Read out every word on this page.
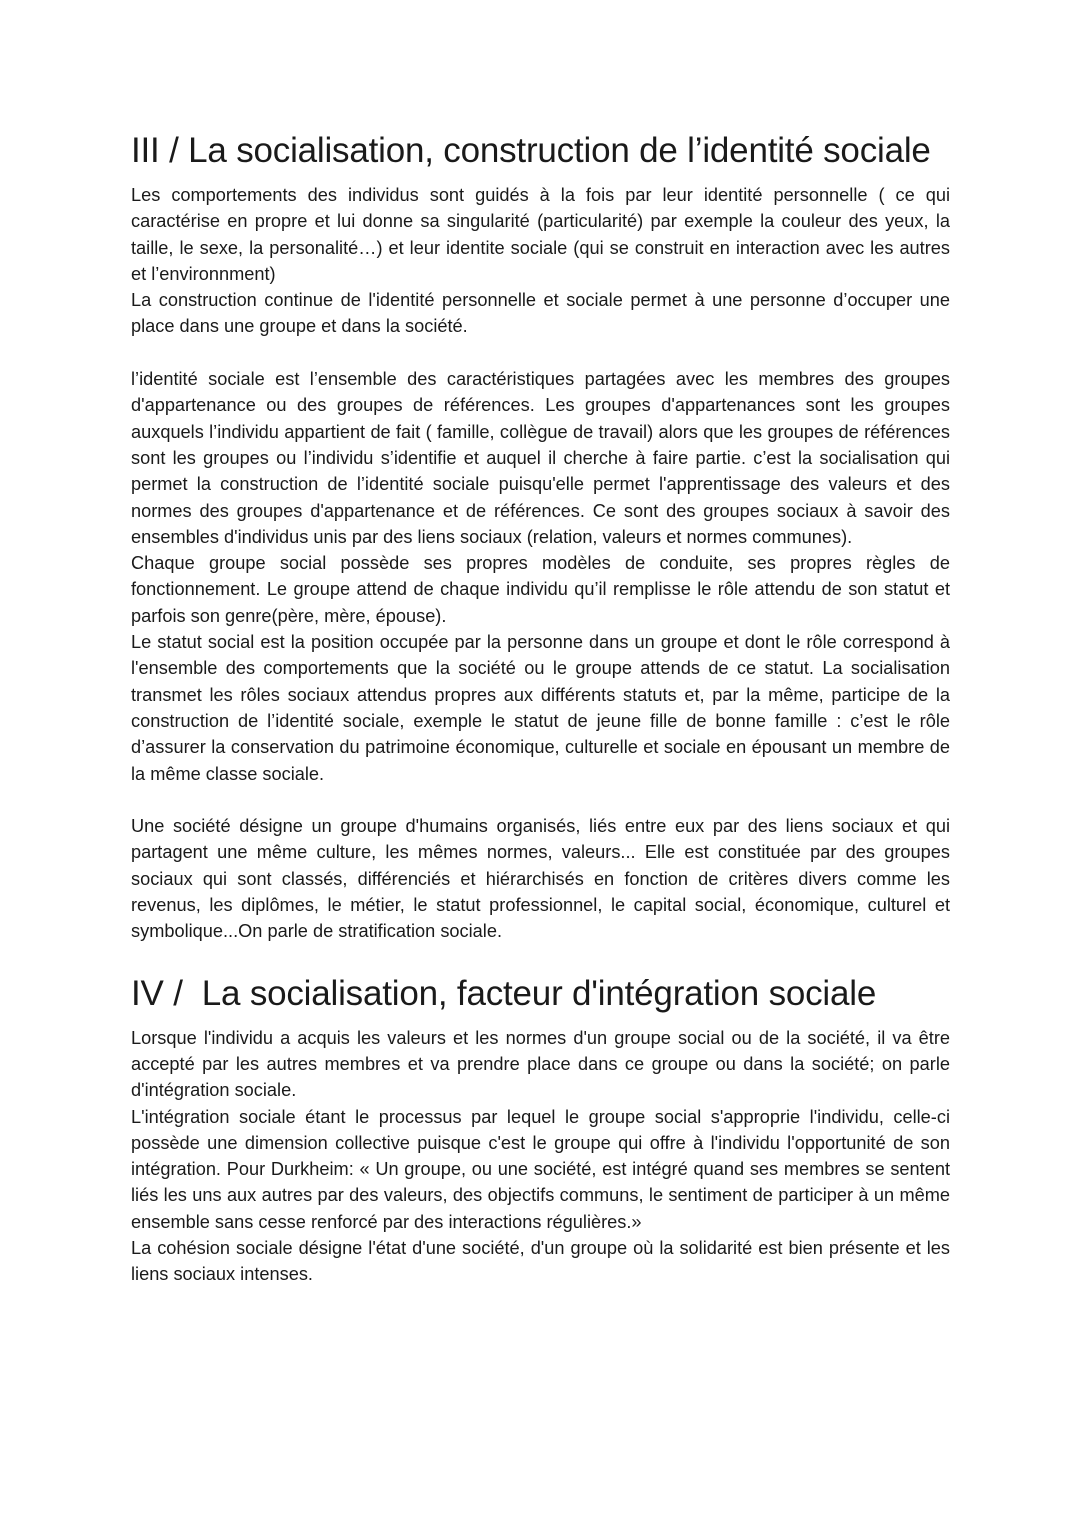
III / La socialisation, construction de l’identité sociale

Les comportements des individus sont guidés à la fois par leur identité personnelle ( ce qui caractérise en propre et lui donne sa singularité (particularité) par exemple la couleur des yeux, la taille, le sexe, la personalité…) et leur identite sociale (qui se construit en interaction avec les autres et l’environnment)

La construction continue de l'identité personnelle et sociale permet à une personne d’occuper une place dans une groupe et dans la société.

l’identité sociale est l’ensemble des caractéristiques partagées avec les membres des groupes d'appartenance ou des groupes de références. Les groupes d'appartenances sont les groupes auxquels l’individu appartient de fait ( famille, collègue de travail) alors que les groupes de références sont les groupes ou l’individu s’identifie et auquel il cherche à faire partie. c’est la socialisation qui permet la construction de l’identité sociale puisqu'elle permet l'apprentissage des valeurs et des normes des groupes d'appartenance et de références. Ce sont des groupes sociaux à savoir des ensembles d'individus unis par des liens sociaux (relation, valeurs et normes communes).

Chaque groupe social possède ses propres modèles de conduite, ses propres règles de fonctionnement. Le groupe attend de chaque individu qu’il remplisse le rôle attendu de son statut et parfois son genre(père, mère, épouse).

Le statut social est la position occupée par la personne dans un groupe et dont le rôle correspond à l'ensemble des comportements que la société ou le groupe attends de ce statut. La socialisation transmet les rôles sociaux attendus propres aux différents statuts et, par la même, participe de la construction de l’identité sociale, exemple le statut de jeune fille de bonne famille : c’est le rôle d’assurer la conservation du patrimoine économique, culturelle et sociale en épousant un membre de la même classe sociale.

Une société désigne un groupe d'humains organisés, liés entre eux par des liens sociaux et qui partagent une même culture, les mêmes normes, valeurs... Elle est constituée par des groupes sociaux qui sont classés, différenciés et hiérarchisés en fonction de critères divers comme les revenus, les diplômes, le métier, le statut professionnel, le capital social, économique, culturel et symbolique...On parle de stratification sociale.

IV /  La socialisation, facteur d'intégration sociale

Lorsque l'individu a acquis les valeurs et les normes d'un groupe social ou de la société, il va être accepté par les autres membres et va prendre place dans ce groupe ou dans la société; on parle d'intégration sociale.

L'intégration sociale étant le processus par lequel le groupe social s'approprie l'individu, celle-ci possède une dimension collective puisque c'est le groupe qui offre à l'individu l'opportunité de son intégration. Pour Durkheim: « Un groupe, ou une société, est intégré quand ses membres se sentent liés les uns aux autres par des valeurs, des objectifs communs, le sentiment de participer à un même ensemble sans cesse renforcé par des interactions régulières.»

La cohésion sociale désigne l'état d'une société, d'un groupe où la solidarité est bien présente et les liens sociaux intenses.
